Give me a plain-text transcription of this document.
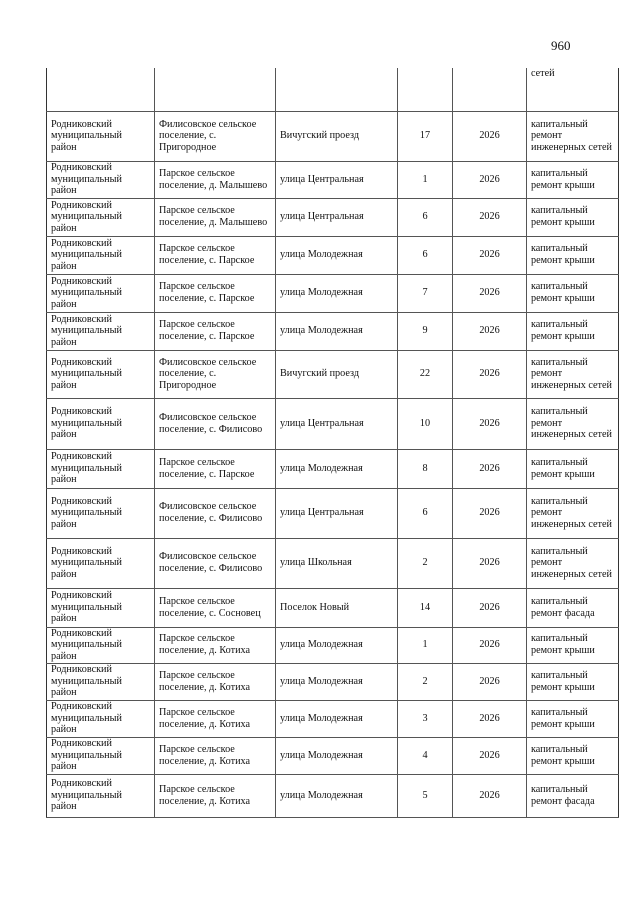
960
					сетей
Родниковский муниципальный район	Филисовское сельское поселение, с. Пригородное	Вичугский проезд	17	2026	капитальный ремонт инженерных сетей
Родниковский муниципальный район	Парское сельское поселение, д. Малышево	улица Центральная	1	2026	капитальный ремонт крыши
Родниковский муниципальный район	Парское сельское поселение, д. Малышево	улица Центральная	6	2026	капитальный ремонт крыши
Родниковский муниципальный район	Парское сельское поселение, с. Парское	улица Молодежная	6	2026	капитальный ремонт крыши
Родниковский муниципальный район	Парское сельское поселение, с. Парское	улица Молодежная	7	2026	капитальный ремонт крыши
Родниковский муниципальный район	Парское сельское поселение, с. Парское	улица Молодежная	9	2026	капитальный ремонт крыши
Родниковский муниципальный район	Филисовское сельское поселение, с. Пригородное	Вичугский проезд	22	2026	капитальный ремонт инженерных сетей
Родниковский муниципальный район	Филисовское сельское поселение, с. Филисово	улица Центральная	10	2026	капитальный ремонт инженерных сетей
Родниковский муниципальный район	Парское сельское поселение, с. Парское	улица Молодежная	8	2026	капитальный ремонт крыши
Родниковский муниципальный район	Филисовское сельское поселение, с. Филисово	улица Центральная	6	2026	капитальный ремонт инженерных сетей
Родниковский муниципальный район	Филисовское сельское поселение, с. Филисово	улица Школьная	2	2026	капитальный ремонт инженерных сетей
Родниковский муниципальный район	Парское сельское поселение, с. Сосновец	Поселок Новый	14	2026	капитальный ремонт фасада
Родниковский муниципальный район	Парское сельское поселение, д. Котиха	улица Молодежная	1	2026	капитальный ремонт крыши
Родниковский муниципальный район	Парское сельское поселение, д. Котиха	улица Молодежная	2	2026	капитальный ремонт крыши
Родниковский муниципальный район	Парское сельское поселение, д. Котиха	улица Молодежная	3	2026	капитальный ремонт крыши
Родниковский муниципальный район	Парское сельское поселение, д. Котиха	улица Молодежная	4	2026	капитальный ремонт крыши
Родниковский муниципальный район	Парское сельское поселение, д. Котиха	улица Молодежная	5	2026	капитальный ремонт фасада
